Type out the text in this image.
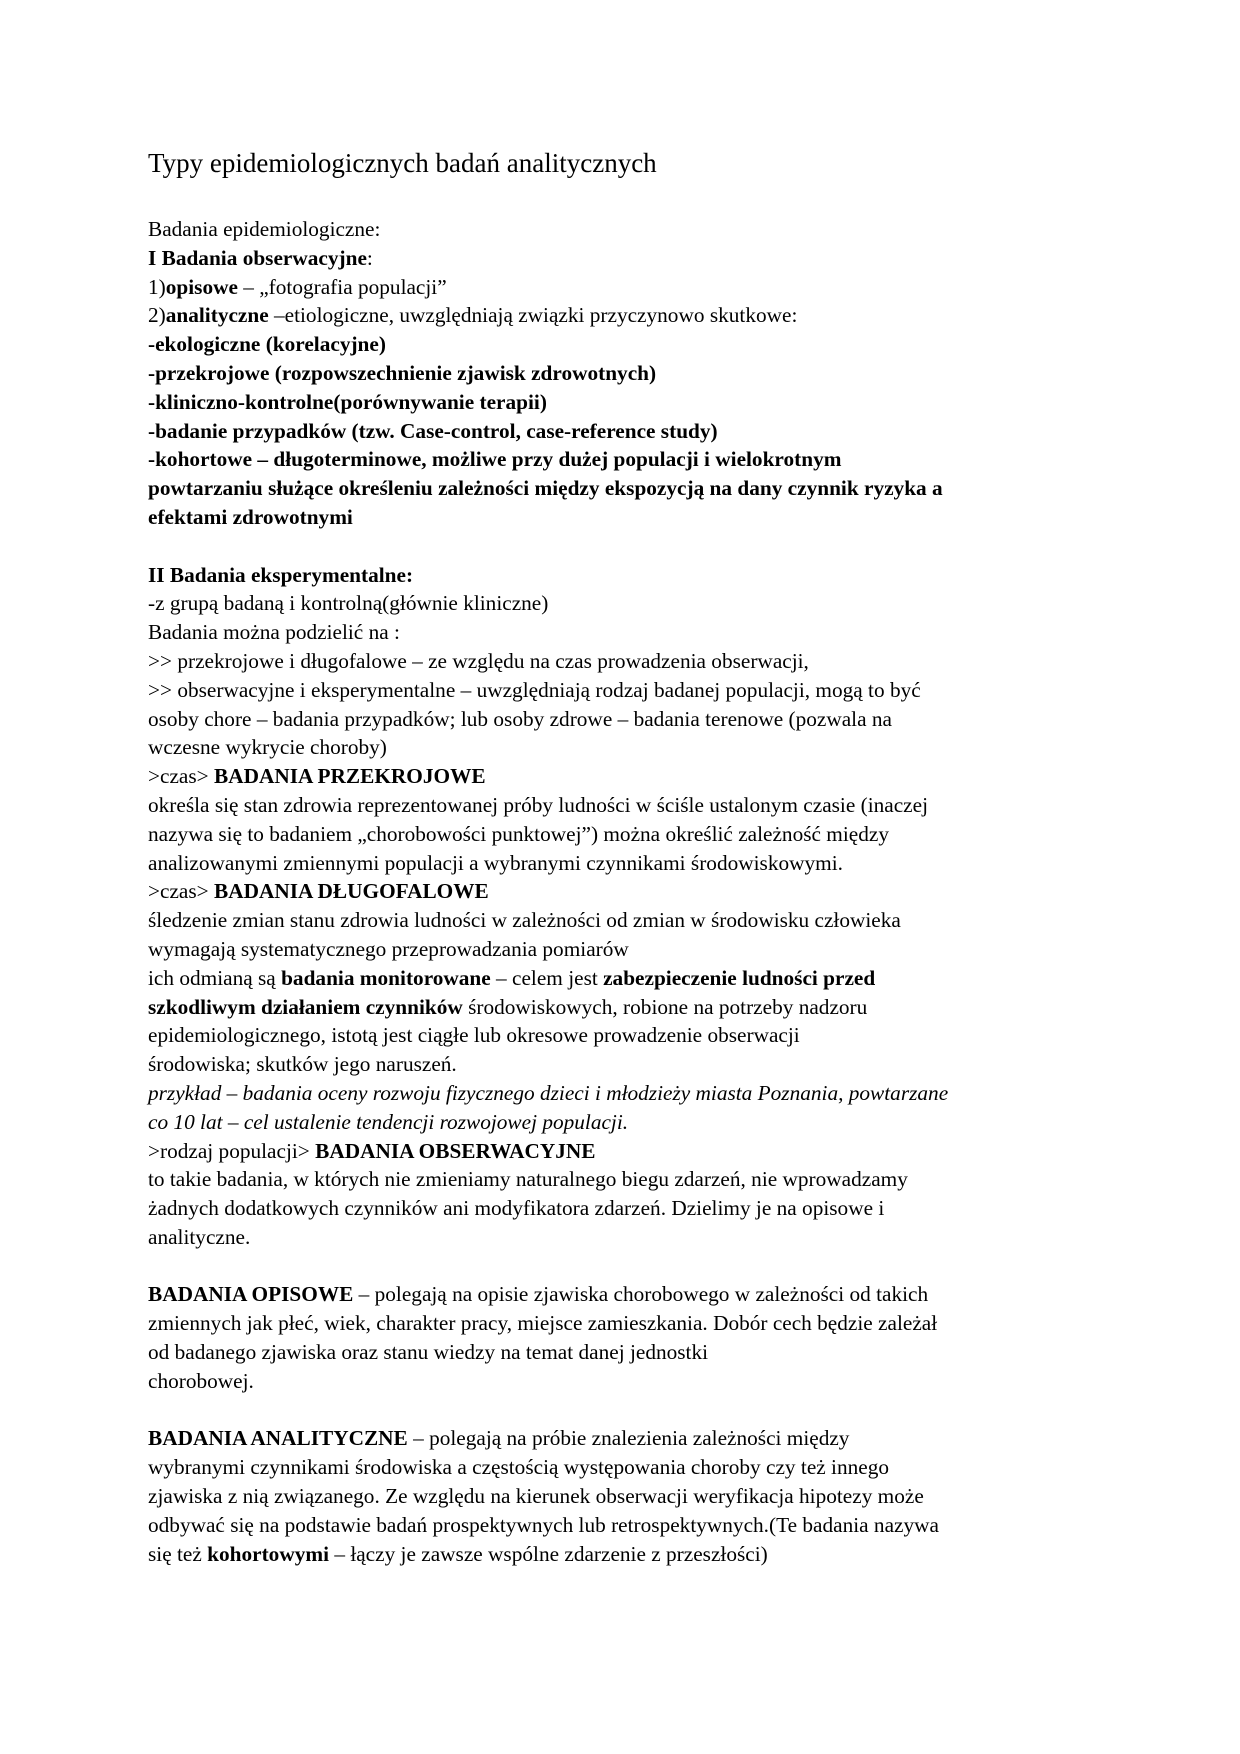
Typy epidemiologicznych badań analitycznych

Badania epidemiologiczne:

I Badania obserwacyjne:

1)opisowe – „fotografia populacji”

2)analityczne –etiologiczne, uwzględniają związki przyczynowo skutkowe:

-ekologiczne (korelacyjne)

-przekrojowe (rozpowszechnienie zjawisk zdrowotnych)

-kliniczno-kontrolne(porównywanie terapii)

-badanie przypadków (tzw. Case-control, case-reference study)

-kohortowe – długoterminowe, możliwe przy dużej populacji i wielokrotnym

powtarzaniu służące określeniu zależności między ekspozycją na dany czynnik ryzyka a

efektami zdrowotnymi

II Badania eksperymentalne:

-z grupą badaną i kontrolną(głównie kliniczne)

Badania można podzielić na :

>> przekrojowe i długofalowe – ze względu na czas prowadzenia obserwacji,

>> obserwacyjne i eksperymentalne – uwzględniają rodzaj badanej populacji, mogą to być

osoby chore – badania przypadków; lub osoby zdrowe – badania terenowe (pozwala na

wczesne wykrycie choroby)

>czas> BADANIA PRZEKROJOWE

określa się stan zdrowia reprezentowanej próby ludności w ściśle ustalonym czasie (inaczej

nazywa się to badaniem „chorobowości punktowej”) można określić zależność między

analizowanymi zmiennymi populacji a wybranymi czynnikami środowiskowymi.

>czas> BADANIA DŁUGOFALOWE

śledzenie zmian stanu zdrowia ludności w zależności od zmian w środowisku człowieka

wymagają systematycznego przeprowadzania pomiarów

ich odmianą są badania monitorowane – celem jest zabezpieczenie ludności przed

szkodliwym działaniem czynników środowiskowych, robione na potrzeby nadzoru

epidemiologicznego, istotą jest ciągłe lub okresowe prowadzenie obserwacji

środowiska; skutków jego naruszeń.

przykład – badania oceny rozwoju fizycznego dzieci i młodzieży miasta Poznania, powtarzane

co 10 lat – cel ustalenie tendencji rozwojowej populacji.

>rodzaj populacji> BADANIA OBSERWACYJNE

to takie badania, w których nie zmieniamy naturalnego biegu zdarzeń, nie wprowadzamy

żadnych dodatkowych czynników ani modyfikatora zdarzeń. Dzielimy je na opisowe i

analityczne.

BADANIA OPISOWE – polegają na opisie zjawiska chorobowego w zależności od takich

zmiennych jak płeć, wiek, charakter pracy, miejsce zamieszkania. Dobór cech będzie zależał

od badanego zjawiska oraz stanu wiedzy na temat danej jednostki

chorobowej.

BADANIA ANALITYCZNE – polegają na próbie znalezienia zależności między

wybranymi czynnikami środowiska a częstością występowania choroby czy też innego

zjawiska z nią związanego. Ze względu na kierunek obserwacji weryfikacja hipotezy może

odbywać się na podstawie badań prospektywnych lub retrospektywnych.(Te badania nazywa

się też kohortowymi – łączy je zawsze wspólne zdarzenie z przeszłości)
